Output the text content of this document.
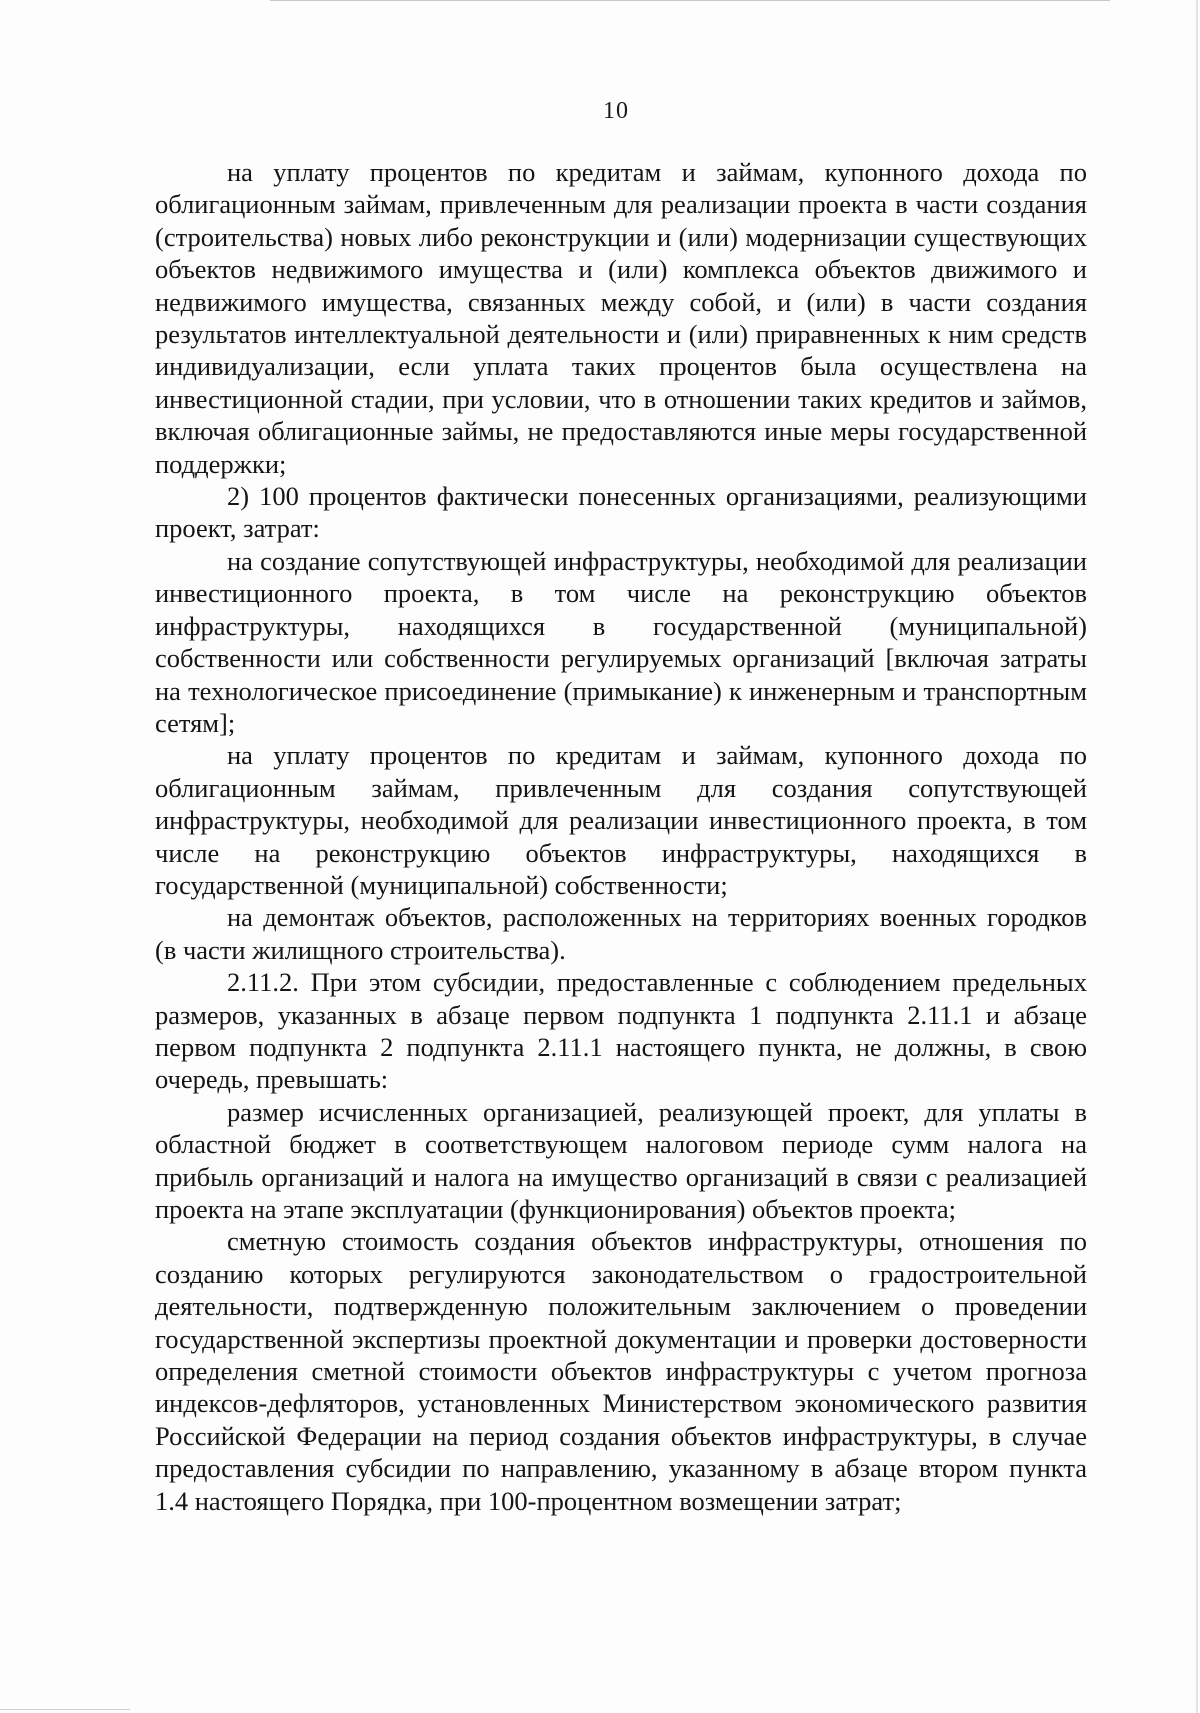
10

на уплату процентов по кредитам и займам, купонного дохода по облигационным займам, привлеченным для реализации проекта в части создания (строительства) новых либо реконструкции и (или) модернизации существующих объектов недвижимого имущества и (или) комплекса объектов движимого и недвижимого имущества, связанных между собой, и (или) в части создания результатов интеллектуальной деятельности и (или) приравненных к ним средств индивидуализации, если уплата таких процентов была осуществлена на инвестиционной стадии, при условии, что в отношении таких кредитов и займов, включая облигационные займы, не предоставляются иные меры государственной поддержки;

2) 100 процентов фактически понесенных организациями, реализующими проект, затрат:

на создание сопутствующей инфраструктуры, необходимой для реализации инвестиционного проекта, в том числе на реконструкцию объектов инфраструктуры, находящихся в государственной (муниципальной) собственности или собственности регулируемых организаций [включая затраты на технологическое присоединение (примыкание) к инженерным и транспортным сетям];

на уплату процентов по кредитам и займам, купонного дохода по облигационным займам, привлеченным для создания сопутствующей инфраструктуры, необходимой для реализации инвестиционного проекта, в том числе на реконструкцию объектов инфраструктуры, находящихся в государственной (муниципальной) собственности;

на демонтаж объектов, расположенных на территориях военных городков (в части жилищного строительства).

2.11.2. При этом субсидии, предоставленные с соблюдением предельных размеров, указанных в абзаце первом подпункта 1 подпункта 2.11.1 и абзаце первом подпункта 2 подпункта 2.11.1 настоящего пункта, не должны, в свою очередь, превышать:

размер исчисленных организацией, реализующей проект, для уплаты в областной бюджет в соответствующем налоговом периоде сумм налога на прибыль организаций и налога на имущество организаций в связи с реализацией проекта на этапе эксплуатации (функционирования) объектов проекта;

сметную стоимость создания объектов инфраструктуры, отношения по созданию которых регулируются законодательством о градостроительной деятельности, подтвержденную положительным заключением о проведении государственной экспертизы проектной документации и проверки достоверности определения сметной стоимости объектов инфраструктуры с учетом прогноза индексов-дефляторов, установленных Министерством экономического развития Российской Федерации на период создания объектов инфраструктуры, в случае предоставления субсидии по направлению, указанному в абзаце втором пункта 1.4 настоящего Порядка, при 100-процентном возмещении затрат;
